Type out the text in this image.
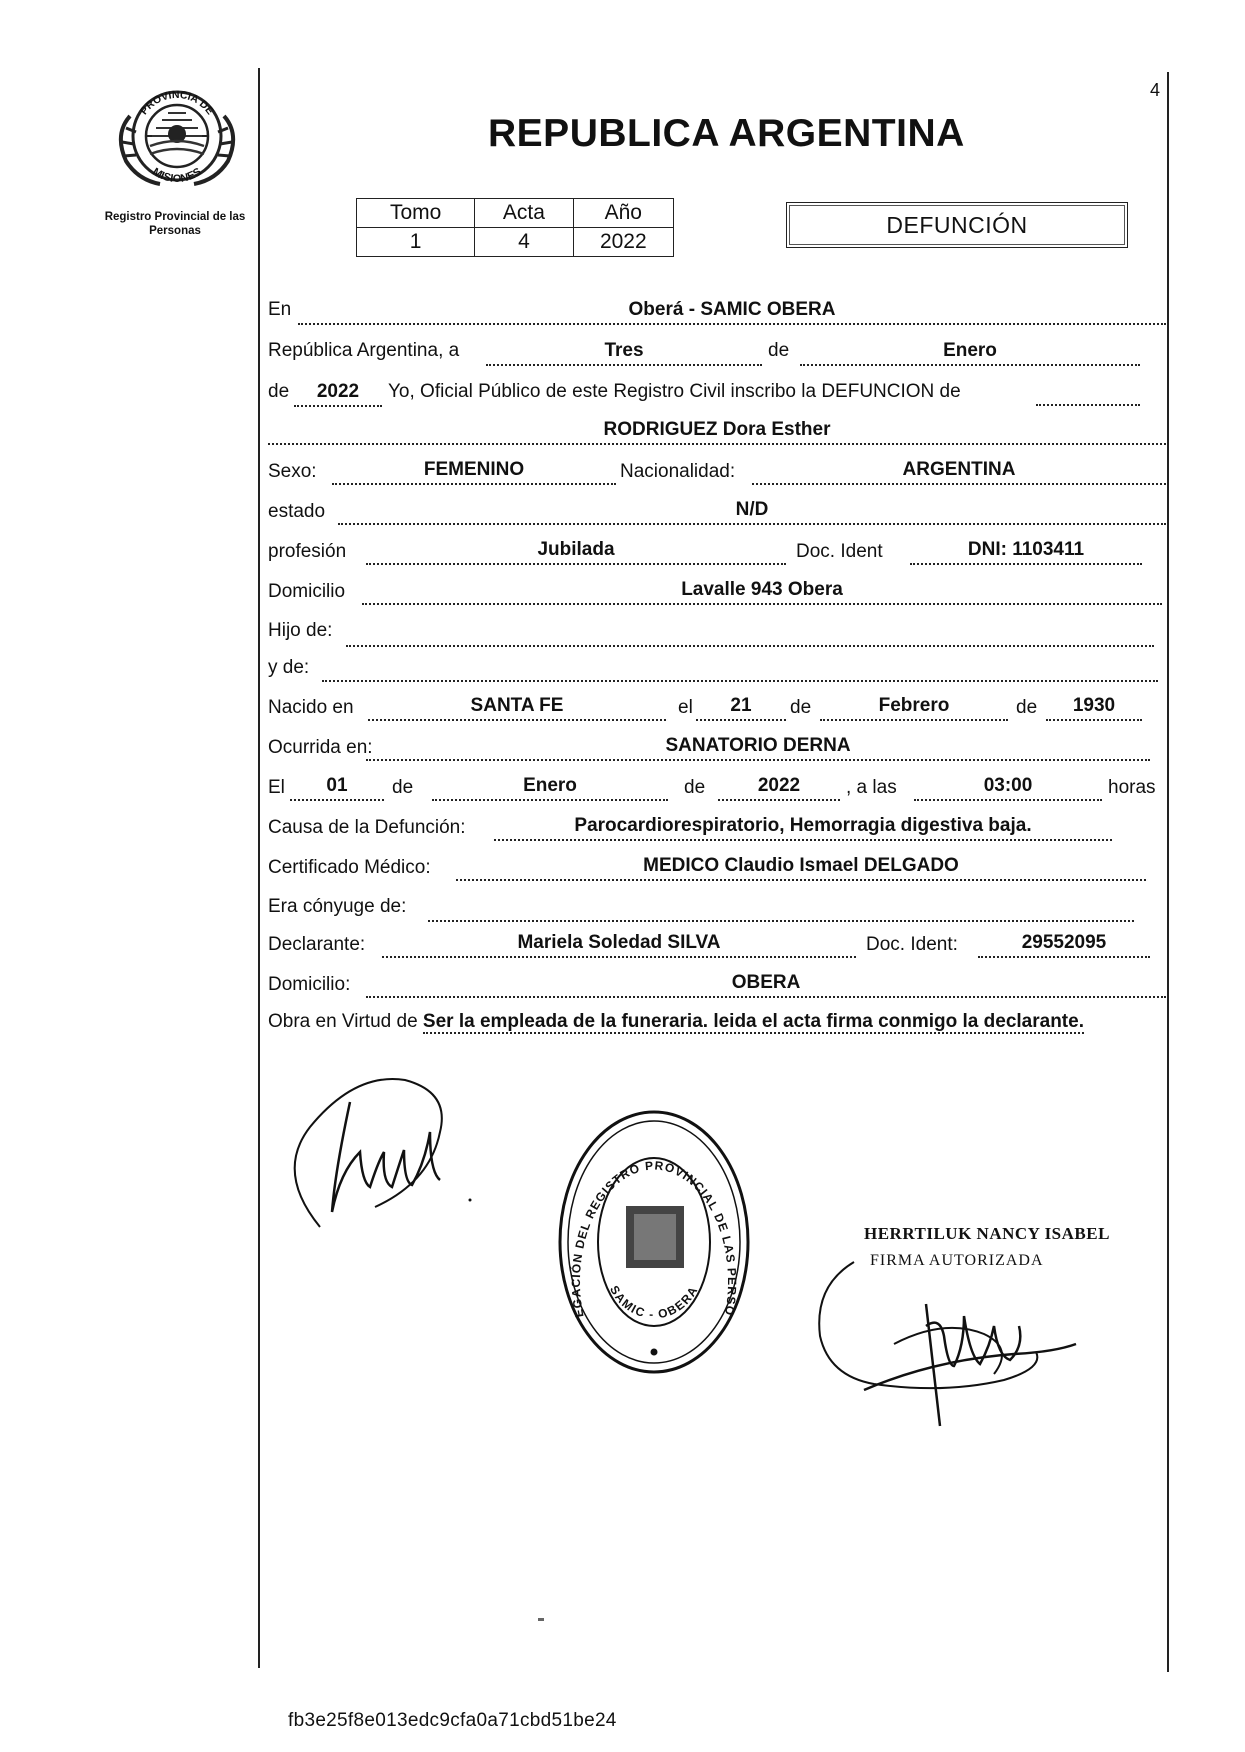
4
PROVINCIA DE
MISIONES
Registro Provincial de las Personas
REPUBLICA ARGENTINA
Tomo	Acta	Año
1	4	2022
DEFUNCIÓN
En	Oberá - SAMIC OBERA
República Argentina, a	Tres	de	Enero
de	2022	Yo, Oficial Público de este Registro Civil inscribo la DEFUNCION de
RODRIGUEZ Dora Esther
Sexo:	FEMENINO	Nacionalidad:	ARGENTINA
estado	N/D
profesión	Jubilada	Doc. Ident	DNI: 1103411
Domicilio	Lavalle 943 Obera
Hijo de:
y de:
Nacido en	SANTA FE	el	21	de	Febrero	de	1930
Ocurrida en:	SANATORIO DERNA
El	01	de	Enero	de	2022	, a las	03:00	horas
Causa de la Defunción:	Parocardiorespiratorio, Hemorragia digestiva baja.
Certificado Médico:	MEDICO Claudio Ismael DELGADO
Era cónyuge de:
Declarante:	Mariela Soledad SILVA	Doc. Ident:	29552095
Domicilio:	OBERA
Obra en Virtud de Ser la empleada de la funeraria. leida el acta firma conmigo la declarante.
EGACIÓN DEL REGISTRO PROVINCIAL DE LAS PERSO
SAMIC - OBERA
HERRTILUK NANCY ISABEL
FIRMA AUTORIZADA
fb3e25f8e013edc9cfa0a71cbd51be24
